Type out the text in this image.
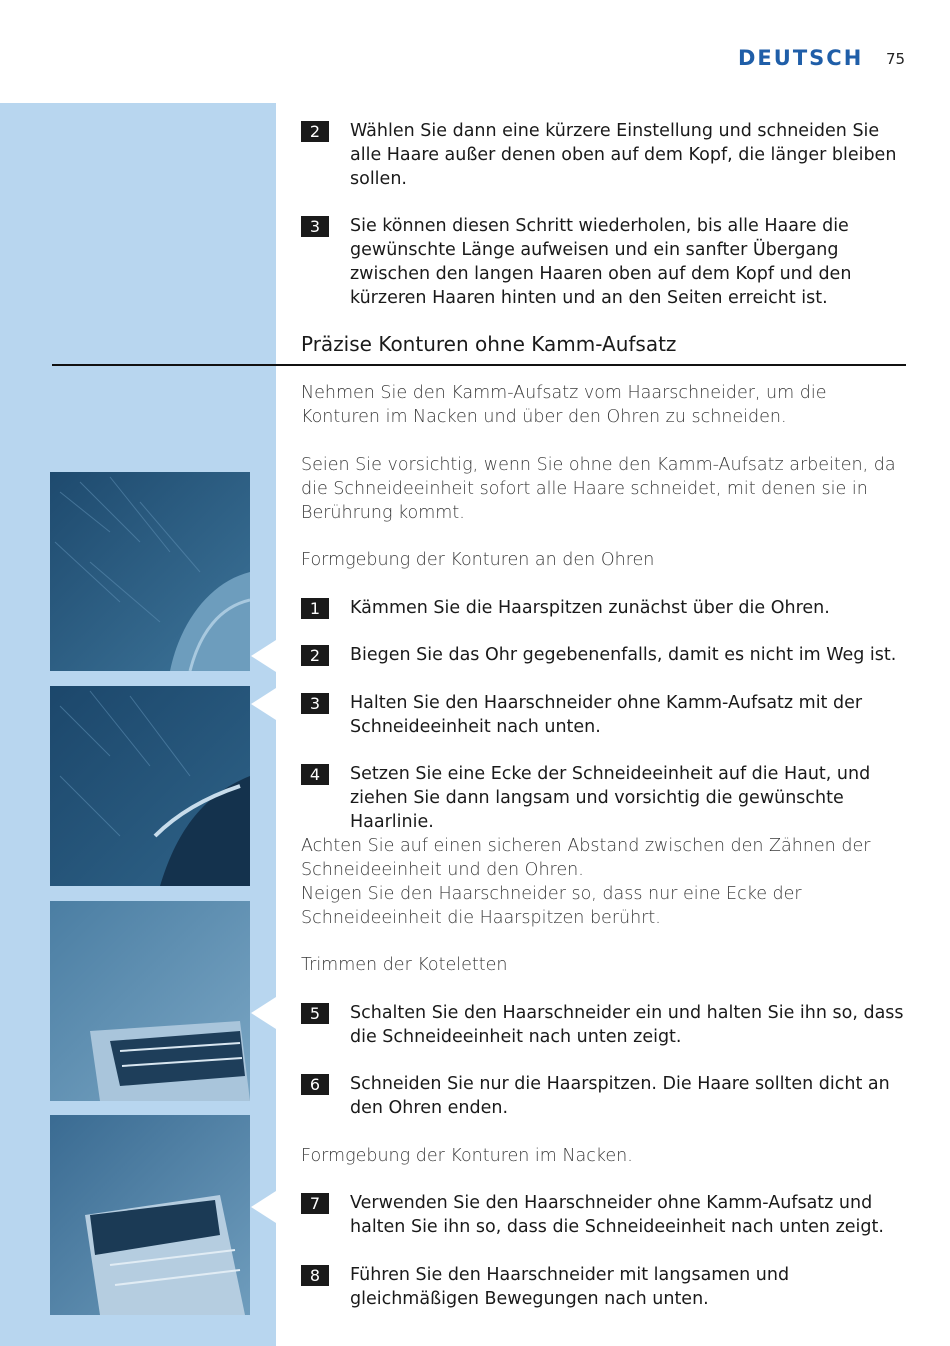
DEUTSCH 75
2	Wählen Sie dann eine kürzere Einstellung und schneiden Sie alle Haare außer denen oben auf dem Kopf, die länger bleiben sollen.
3	Sie können diesen Schritt wiederholen, bis alle Haare die gewünschte Länge aufweisen und ein sanfter Übergang zwischen den langen Haaren oben auf dem Kopf und den kürzeren Haaren hinten und an den Seiten erreicht ist.
Präzise Konturen ohne Kamm-Aufsatz
Nehmen Sie den Kamm-Aufsatz vom Haarschneider, um die Konturen im Nacken und über den Ohren zu schneiden.
Seien Sie vorsichtig, wenn Sie ohne den Kamm-Aufsatz arbeiten, da die Schneideeinheit sofort alle Haare schneidet, mit denen sie in Berührung kommt.
Formgebung der Konturen an den Ohren
1	Kämmen Sie die Haarspitzen zunächst über die Ohren.
2	Biegen Sie das Ohr gegebenenfalls, damit es nicht im Weg ist.
3	Halten Sie den Haarschneider ohne Kamm-Aufsatz mit der Schneideeinheit nach unten.
4	Setzen Sie eine Ecke der Schneideeinheit auf die Haut, und ziehen Sie dann langsam und vorsichtig die gewünschte Haarlinie.
Achten Sie auf einen sicheren Abstand zwischen den Zähnen der Schneideeinheit und den Ohren.
Neigen Sie den Haarschneider so, dass nur eine Ecke der Schneideeinheit die Haarspitzen berührt.
Trimmen der Koteletten
5	Schalten Sie den Haarschneider ein und halten Sie ihn so, dass die Schneideeinheit nach unten zeigt.
6	Schneiden Sie nur die Haarspitzen. Die Haare sollten dicht an den Ohren enden.
Formgebung der Konturen im Nacken.
7	Verwenden Sie den Haarschneider ohne Kamm-Aufsatz und halten Sie ihn so, dass die Schneideeinheit nach unten zeigt.
8	Führen Sie den Haarschneider mit langsamen und gleichmäßigen Bewegungen nach unten.
